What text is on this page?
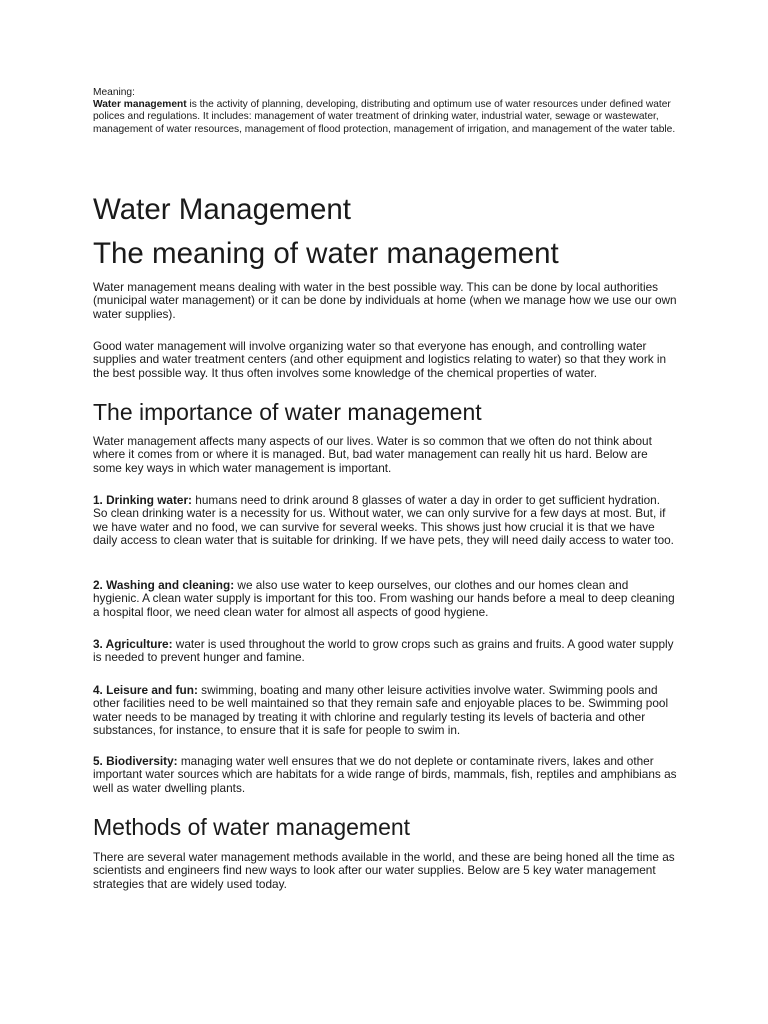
Meaning:

Water management is the activity of planning, developing, distributing and optimum use of water resources under defined water polices and regulations. It includes: management of water treatment of drinking water, industrial water, sewage or wastewater, management of water resources, management of flood protection, management of irrigation, and management of the water table.

Water Management
The meaning of water management

Water management means dealing with water in the best possible way. This can be done by local authorities (municipal water management) or it can be done by individuals at home (when we manage how we use our own water supplies).

Good water management will involve organizing water so that everyone has enough, and controlling water supplies and water treatment centers (and other equipment and logistics relating to water) so that they work in the best possible way. It thus often involves some knowledge of the chemical properties of water.

The importance of water management

Water management affects many aspects of our lives. Water is so common that we often do not think about where it comes from or where it is managed. But, bad water management can really hit us hard. Below are some key ways in which water management is important.

1. Drinking water: humans need to drink around 8 glasses of water a day in order to get sufficient hydration. So clean drinking water is a necessity for us. Without water, we can only survive for a few days at most. But, if we have water and no food, we can survive for several weeks. This shows just how crucial it is that we have daily access to clean water that is suitable for drinking. If we have pets, they will need daily access to water too.

2. Washing and cleaning: we also use water to keep ourselves, our clothes and our homes clean and hygienic. A clean water supply is important for this too. From washing our hands before a meal to deep cleaning a hospital floor, we need clean water for almost all aspects of good hygiene.

3. Agriculture: water is used throughout the world to grow crops such as grains and fruits. A good water supply is needed to prevent hunger and famine.

4. Leisure and fun: swimming, boating and many other leisure activities involve water. Swimming pools and other facilities need to be well maintained so that they remain safe and enjoyable places to be. Swimming pool water needs to be managed by treating it with chlorine and regularly testing its levels of bacteria and other substances, for instance, to ensure that it is safe for people to swim in.

5. Biodiversity: managing water well ensures that we do not deplete or contaminate rivers, lakes and other important water sources which are habitats for a wide range of birds, mammals, fish, reptiles and amphibians as well as water dwelling plants.

Methods of water management

There are several water management methods available in the world, and these are being honed all the time as scientists and engineers find new ways to look after our water supplies. Below are 5 key water management strategies that are widely used today.
